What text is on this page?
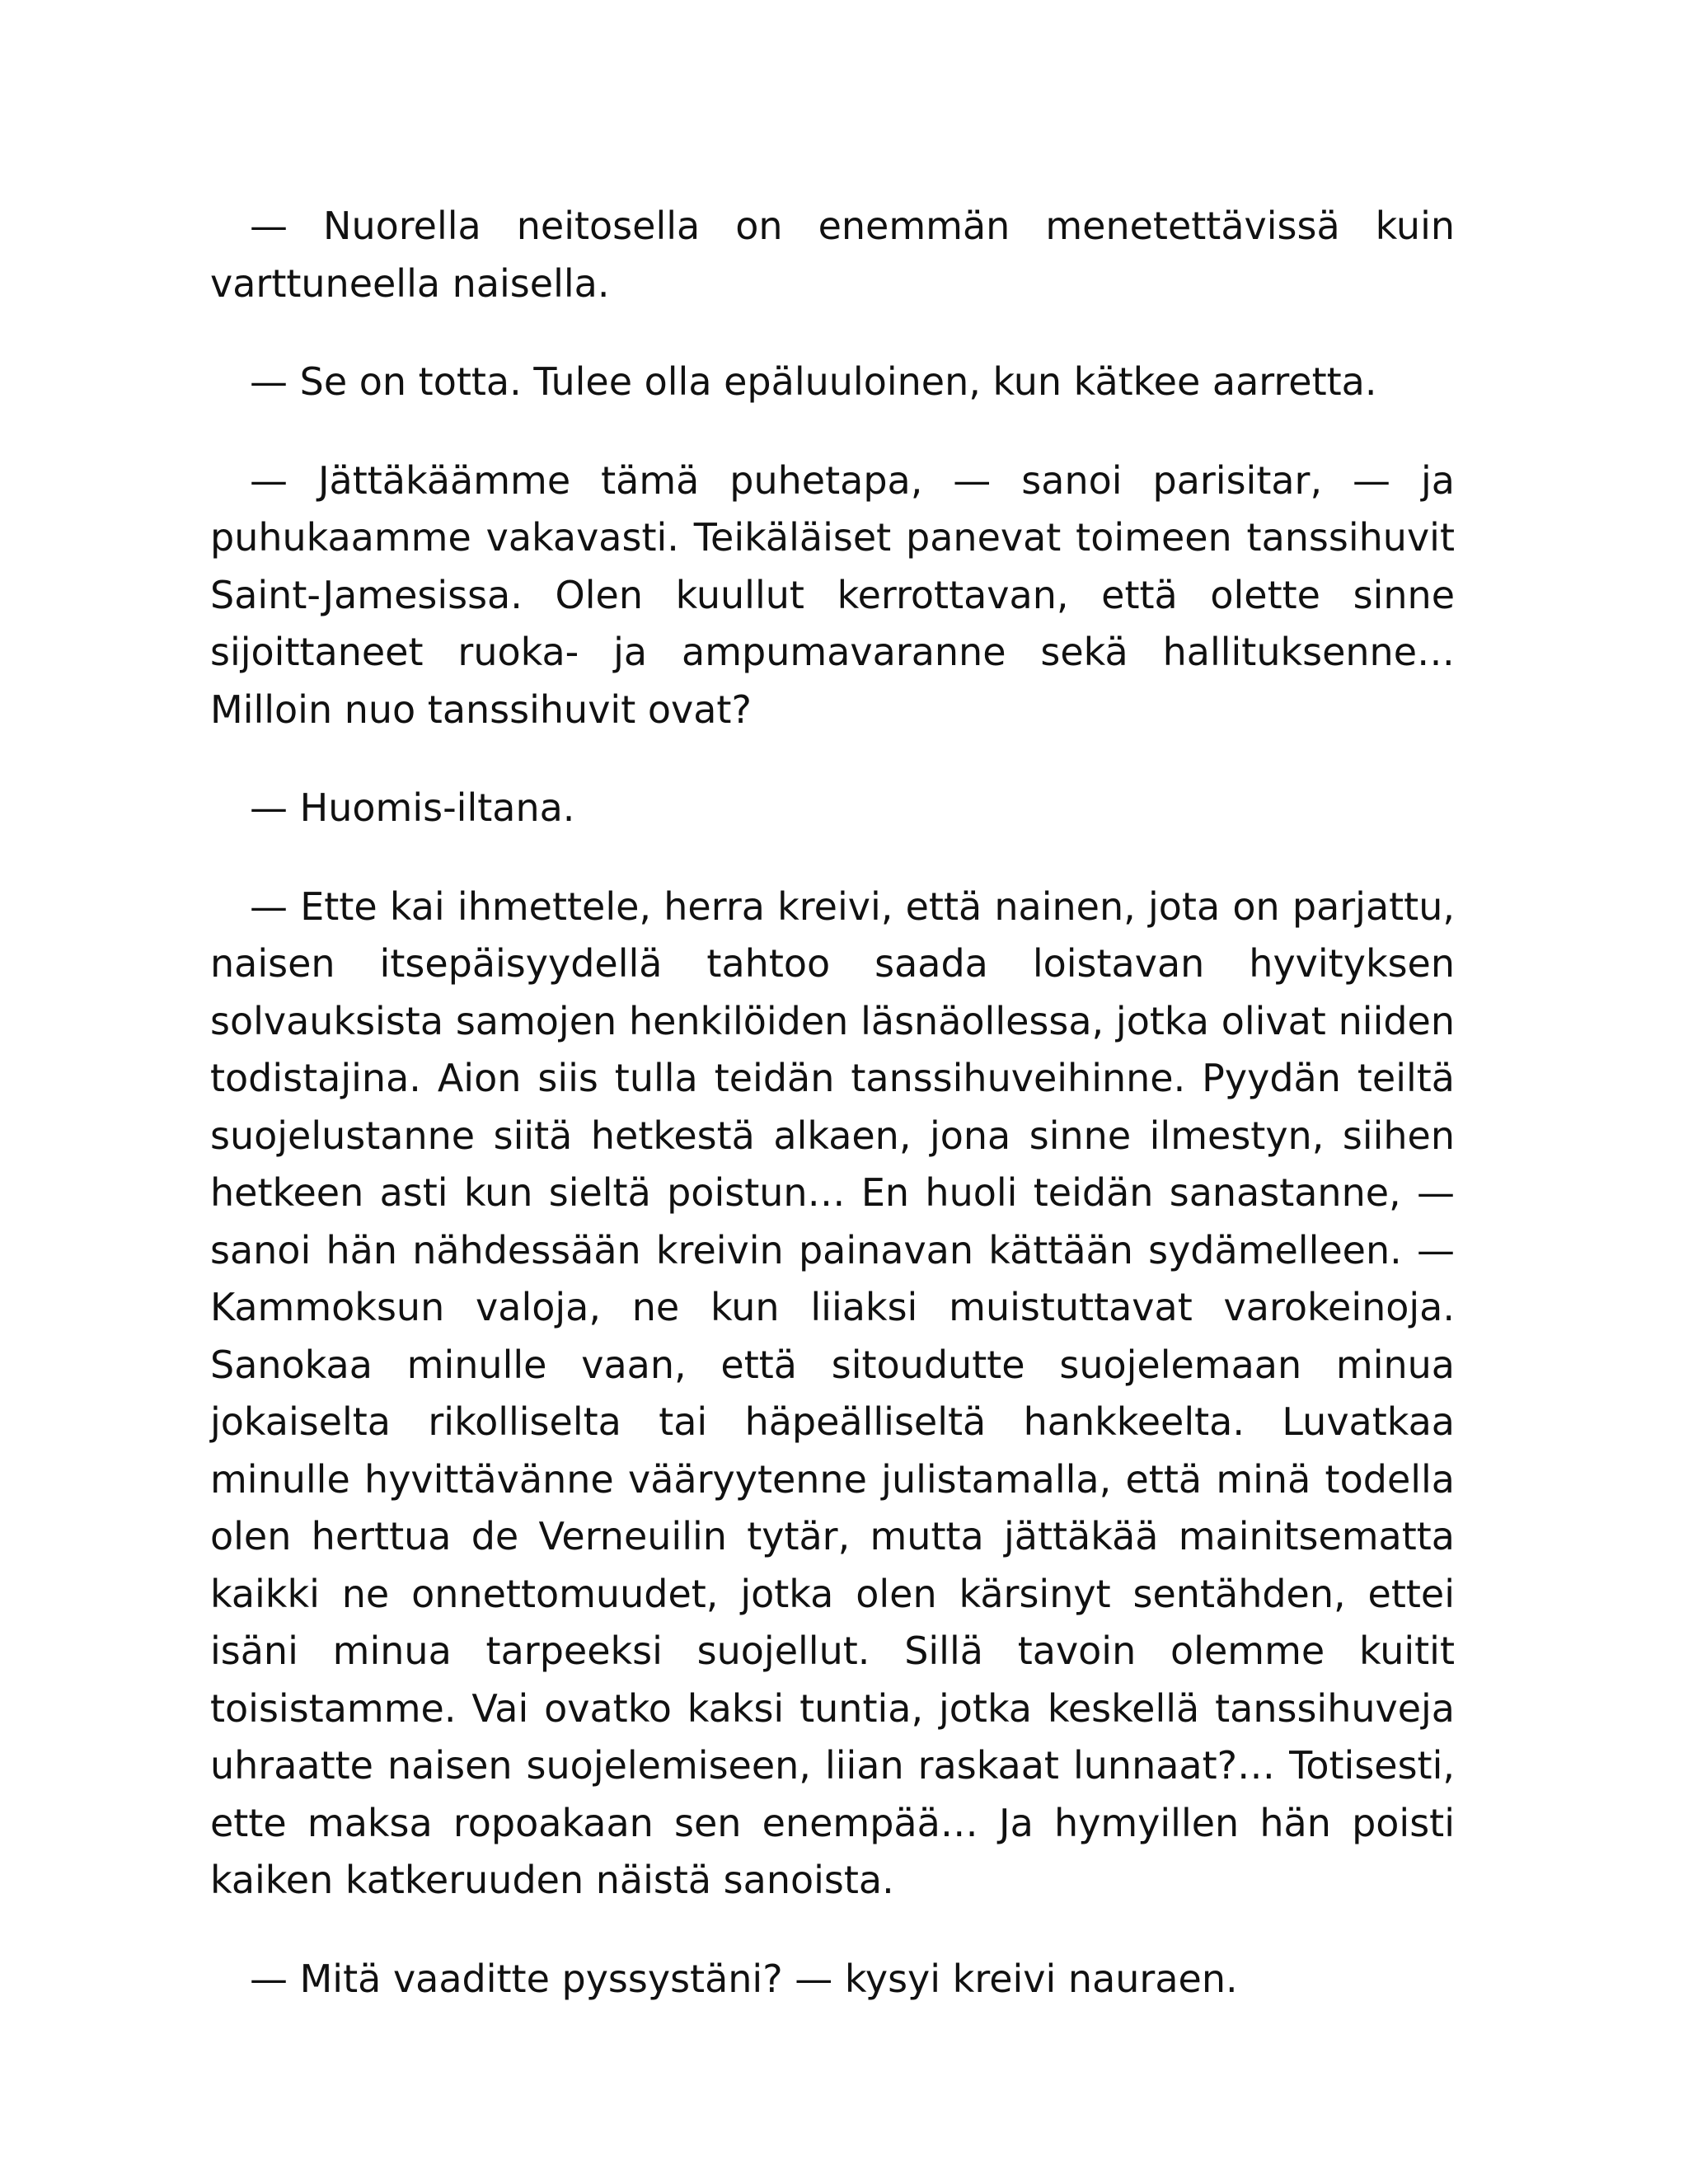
— Nuorella neitosella on enemmän menetettävissä kuin varttuneella naisella.

— Se on totta. Tulee olla epäluuloinen, kun kätkee aarretta.

— Jättäkäämme tämä puhetapa, — sanoi parisitar, — ja puhukaamme vakavasti. Teikäläiset panevat toimeen tanssihuvit Saint-Jamesissa. Olen kuullut kerrottavan, että olette sinne sijoittaneet ruoka- ja ampumavaranne sekä hallituksenne… Milloin nuo tanssihuvit ovat?

— Huomis-iltana.

— Ette kai ihmettele, herra kreivi, että nainen, jota on parjattu, naisen itsepäisyydellä tahtoo saada loistavan hyvityksen solvauksista samojen henkilöiden läsnäollessa, jotka olivat niiden todistajina. Aion siis tulla teidän tanssihuveihinne. Pyydän teiltä suojelustanne siitä hetkestä alkaen, jona sinne ilmestyn, siihen hetkeen asti kun sieltä poistun… En huoli teidän sanastanne, — sanoi hän nähdessään kreivin painavan kättään sydämelleen. — Kammoksun valoja, ne kun liiaksi muistuttavat varokeinoja. Sanokaa minulle vaan, että sitoudutte suojelemaan minua jokaiselta rikolliselta tai häpeälliseltä hankkeelta. Luvatkaa minulle hyvittävänne vääryytenne julistamalla, että minä todella olen herttua de Verneuilin tytär, mutta jättäkää mainitsematta kaikki ne onnettomuudet, jotka olen kärsinyt sentähden, ettei isäni minua tarpeeksi suojellut. Sillä tavoin olemme kuitit toisistamme. Vai ovatko kaksi tuntia, jotka keskellä tanssihuveja uhraatte naisen suojelemiseen, liian raskaat lunnaat?… Totisesti, ette maksa ropoakaan sen enempää… Ja hymyillen hän poisti kaiken katkeruuden näistä sanoista.

— Mitä vaaditte pyssystäni? — kysyi kreivi nauraen.
